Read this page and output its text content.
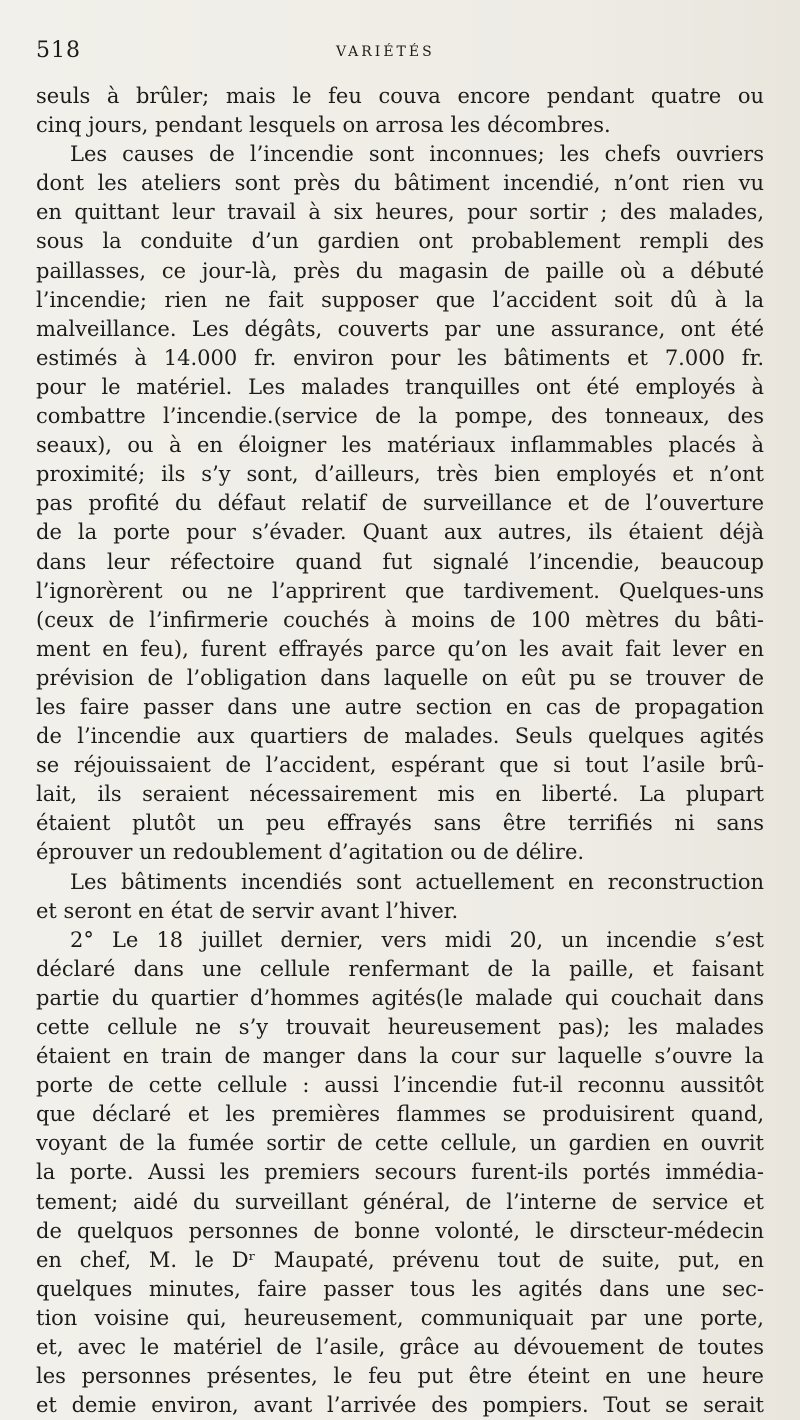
518	VARIÉTÉS
seuls à brûler; mais le feu couva encore pendant quatre ou
cinq jours, pendant lesquels on arrosa les décombres.
Les causes de l’incendie sont inconnues; les chefs ouvriers
dont les ateliers sont près du bâtiment incendié, n’ont rien vu
en quittant leur travail à six heures, pour sortir ; des malades,
sous la conduite d’un gardien ont probablement rempli des
paillasses, ce jour-là, près du magasin de paille où a débuté
l’incendie; rien ne fait supposer que l’accident soit dû à la
malveillance. Les dégâts, couverts par une assurance, ont été
estimés à 14.000 fr. environ pour les bâtiments et 7.000 fr.
pour le matériel. Les malades tranquilles ont été employés à
combattre l’incendie.(service de la pompe, des tonneaux, des
seaux), ou à en éloigner les matériaux inflammables placés à
proximité; ils s’y sont, d’ailleurs, très bien employés et n’ont
pas profité du défaut relatif de surveillance et de l’ouverture
de la porte pour s’évader. Quant aux autres, ils étaient déjà
dans leur réfectoire quand fut signalé l’incendie, beaucoup
l’ignorèrent ou ne l’apprirent que tardivement. Quelques-uns
(ceux de l’infirmerie couchés à moins de 100 mètres du bâti-
ment en feu), furent effrayés parce qu’on les avait fait lever en
prévision de l’obligation dans laquelle on eût pu se trouver de
les faire passer dans une autre section en cas de propagation
de l’incendie aux quartiers de malades. Seuls quelques agités
se réjouissaient de l’accident, espérant que si tout l’asile brû-
lait, ils seraient nécessairement mis en liberté. La plupart
étaient plutôt un peu effrayés sans être terrifiés ni sans
éprouver un redoublement d’agitation ou de délire.
Les bâtiments incendiés sont actuellement en reconstruction
et seront en état de servir avant l’hiver.
2° Le 18 juillet dernier, vers midi 20, un incendie s’est
déclaré dans une cellule renfermant de la paille, et faisant
partie du quartier d’hommes agités(le malade qui couchait dans
cette cellule ne s’y trouvait heureusement pas); les malades
étaient en train de manger dans la cour sur laquelle s’ouvre la
porte de cette cellule : aussi l’incendie fut-il reconnu aussitôt
que déclaré et les premières flammes se produisirent quand,
voyant de la fumée sortir de cette cellule, un gardien en ouvrit
la porte. Aussi les premiers secours furent-ils portés immédia-
tement; aidé du surveillant général, de l’interne de service et
de quelquos personnes de bonne volonté, le dirscteur-médecin
en chef, M. le Dʳ Maupaté, prévenu tout de suite, put, en
quelques minutes, faire passer tous les agités dans une sec-
tion voisine qui, heureusement, communiquait par une porte,
et, avec le matériel de l’asile, grâce au dévouement de toutes
les personnes présentes, le feu put être éteint en une heure
et demie environ, avant l’arrivée des pompiers. Tout se serait
